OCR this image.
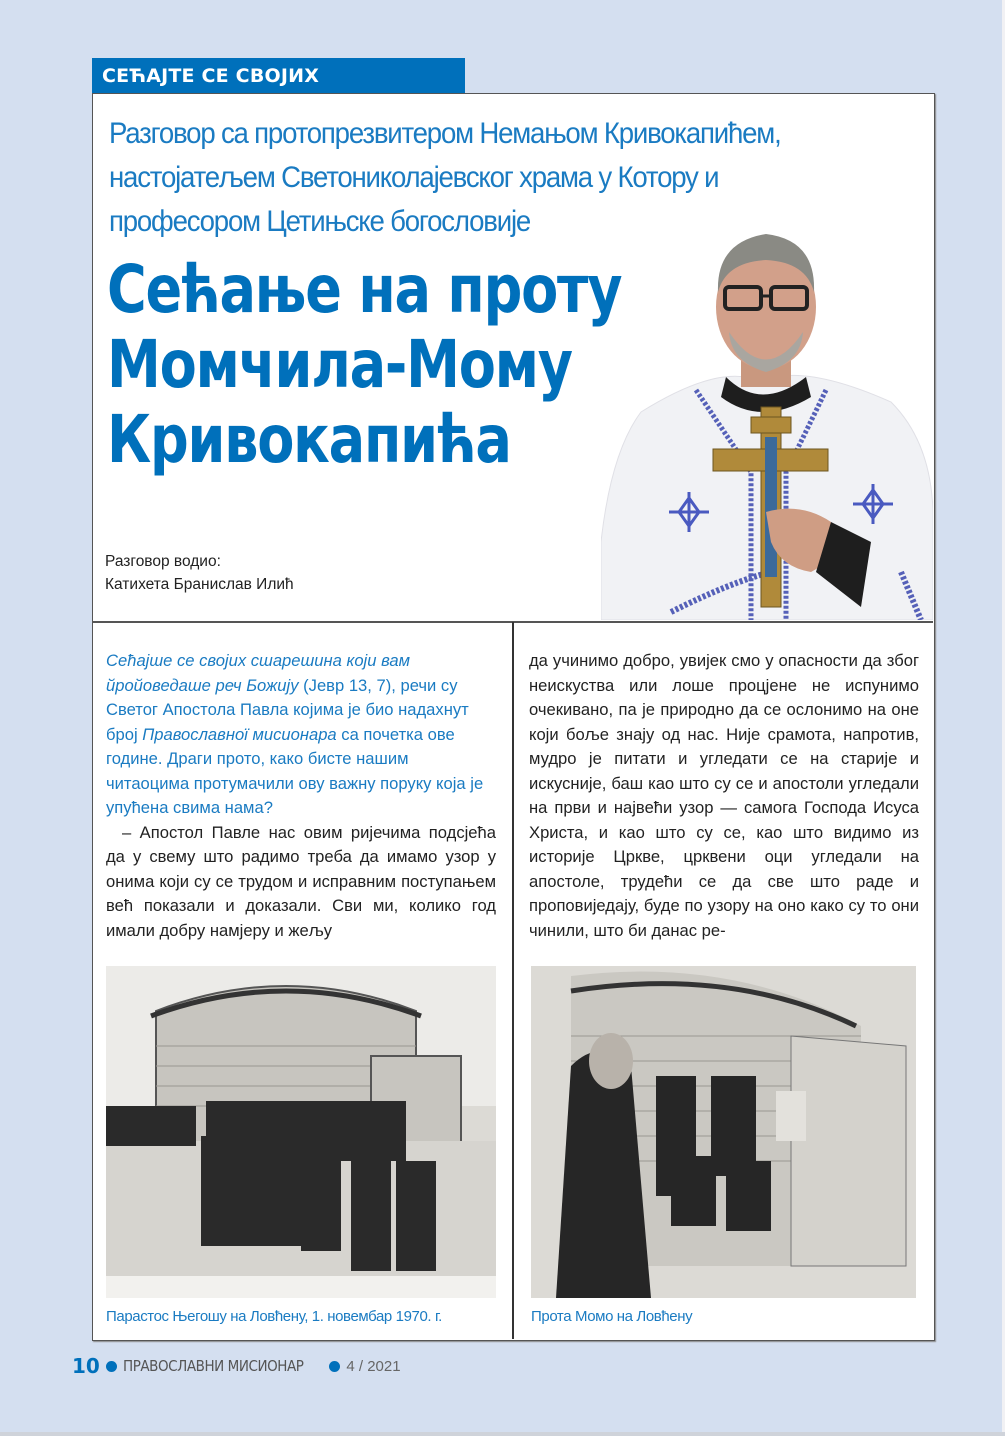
СЕЋАЈТЕ СЕ СВОЈИХ
Разговор са протопрезвитером Немањом Кривокапићем,
настојатељем Светониколајевског храма у Котору и
професором Цетињске богословије
Сећање на проту
Момчила-Мому
Кривокапића
Разговор водио:
Катихета Бранислав Илић
Сећајше се својих сшарешина који вам йройоведаше реч Божију (Јевр 13, 7), речи су Светог Апостола Павла којима је био надахнут број Православної мисионара са почетка ове године. Драги прото, како бисте нашим читаоцима протумачили ову важну поруку која је упућена свима нама?
– Апостол Павле нас овим ријечима подсјећа да у свему што радимо треба да имамо узор у онима који су се трудом и исправним поступањем већ показали и доказали. Сви ми, колико год имали добру намјеру и жељу
да учинимо добро, увијек смо у опасности да због неискуства или лоше процјене не испунимо очекивано, па је природно да се ослонимо на оне који боље знају од нас. Није срамота, напротив, мудро је питати и угледати се на старије и искусније, баш као што су се и апостоли угледали на први и највећи узор — самога Господа Исуса Христа, и као што су се, као што видимо из историје Цркве, црквени оци угледали на апостоле, трудећи се да све што раде и проповиједају, буде по узору на оно како су то они чинили, што би данас ре-
Парастос Његошу на Ловћену, 1. новембар 1970. г.	Прота Момо на Ловћену
10 ПРАВОСЛАВНИ МИСИОНАР	4 / 2021
